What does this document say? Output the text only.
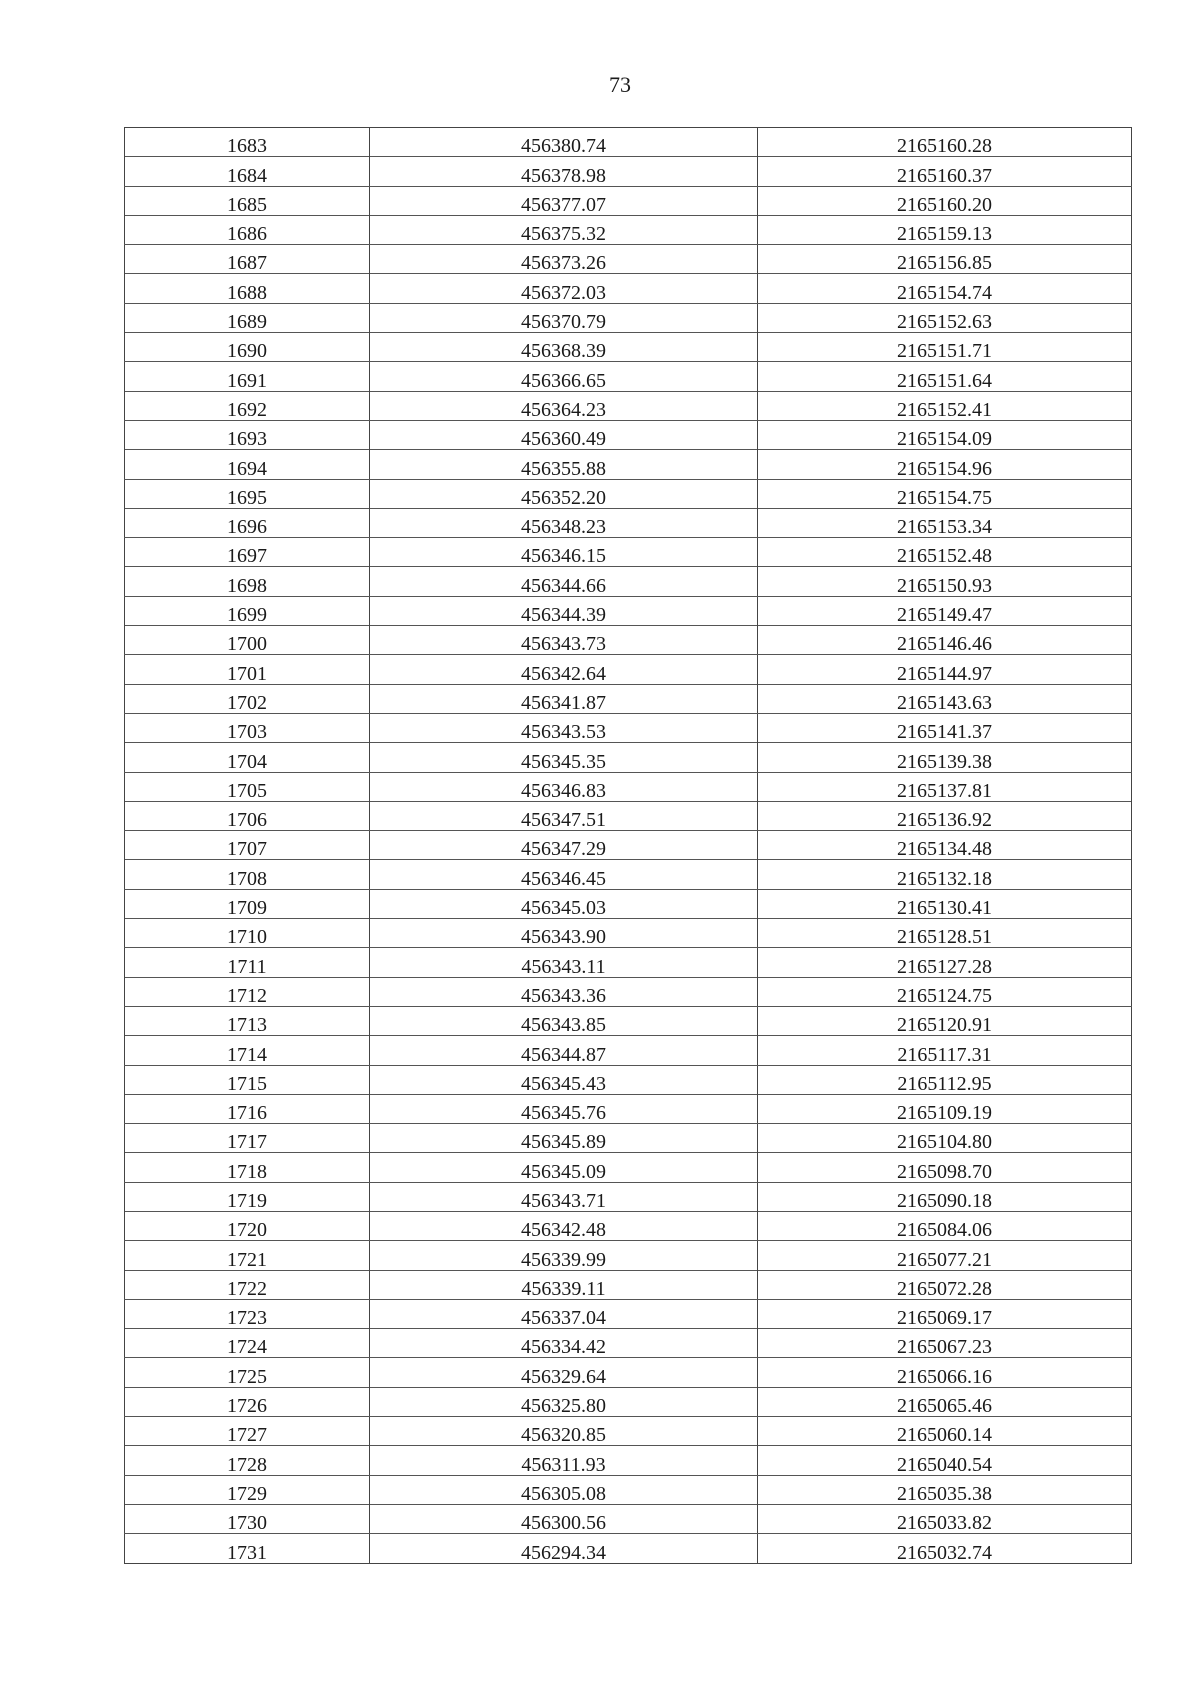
73
1683	456380.74	2165160.28
1684	456378.98	2165160.37
1685	456377.07	2165160.20
1686	456375.32	2165159.13
1687	456373.26	2165156.85
1688	456372.03	2165154.74
1689	456370.79	2165152.63
1690	456368.39	2165151.71
1691	456366.65	2165151.64
1692	456364.23	2165152.41
1693	456360.49	2165154.09
1694	456355.88	2165154.96
1695	456352.20	2165154.75
1696	456348.23	2165153.34
1697	456346.15	2165152.48
1698	456344.66	2165150.93
1699	456344.39	2165149.47
1700	456343.73	2165146.46
1701	456342.64	2165144.97
1702	456341.87	2165143.63
1703	456343.53	2165141.37
1704	456345.35	2165139.38
1705	456346.83	2165137.81
1706	456347.51	2165136.92
1707	456347.29	2165134.48
1708	456346.45	2165132.18
1709	456345.03	2165130.41
1710	456343.90	2165128.51
1711	456343.11	2165127.28
1712	456343.36	2165124.75
1713	456343.85	2165120.91
1714	456344.87	2165117.31
1715	456345.43	2165112.95
1716	456345.76	2165109.19
1717	456345.89	2165104.80
1718	456345.09	2165098.70
1719	456343.71	2165090.18
1720	456342.48	2165084.06
1721	456339.99	2165077.21
1722	456339.11	2165072.28
1723	456337.04	2165069.17
1724	456334.42	2165067.23
1725	456329.64	2165066.16
1726	456325.80	2165065.46
1727	456320.85	2165060.14
1728	456311.93	2165040.54
1729	456305.08	2165035.38
1730	456300.56	2165033.82
1731	456294.34	2165032.74
